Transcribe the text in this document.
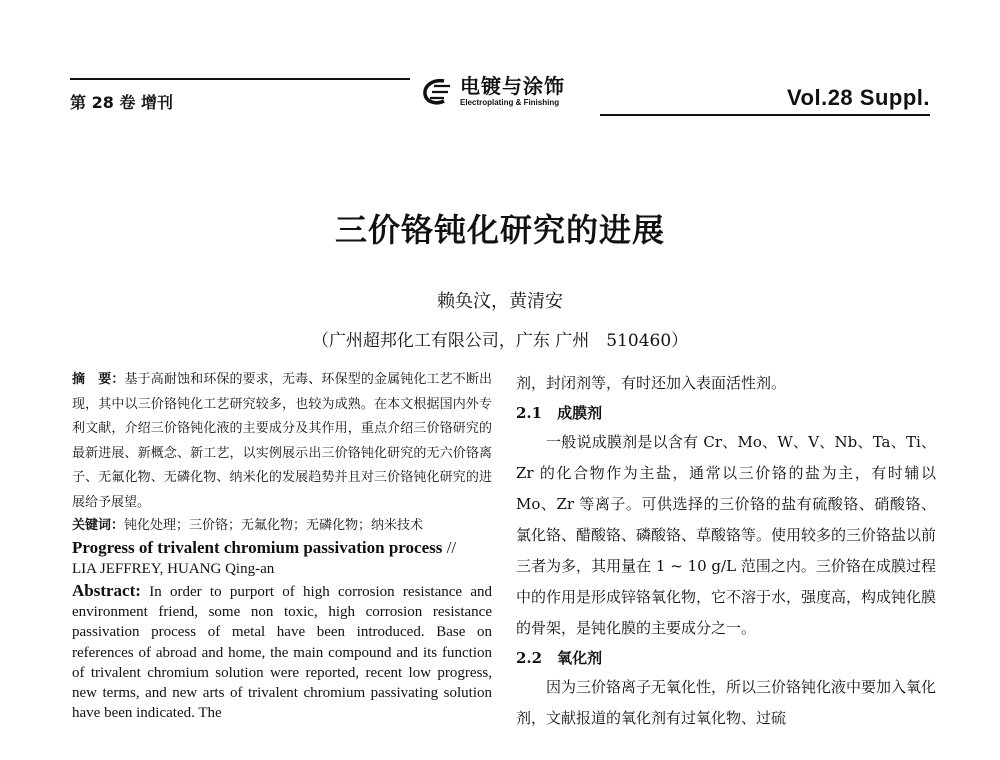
第 28 卷 增刊
电镀与涂饰
Electroplating & Finishing	Vol.28 Suppl.
三价铬钝化研究的进展
赖奂汶，黄清安
（广州超邦化工有限公司，广东 广州　510460）

摘　要：基于高耐蚀和环保的要求，无毒、环保型的金属钝化工艺不断出现，其中以三价铬钝化工艺研究较多，也较为成熟。在本文根据国内外专利文献，介绍三价铬钝化液的主要成分及其作用，重点介绍三价铬研究的最新进展、新概念、新工艺，以实例展示出三价铬钝化研究的无六价铬离子、无氟化物、无磷化物、纳米化的发展趋势并且对三价铬钝化研究的进展给予展望。

关键词：钝化处理；三价铬；无氟化物；无磷化物；纳米技术

Progress of trivalent chromium passivation process //

LIA JEFFREY, HUANG Qing-an

Abstract: In order to purport of high corrosion resistance and environment friend, some non toxic, high corrosion resistance passivation process of metal have been introduced. Base on references of abroad and home, the main compound and its function of trivalent chromium solution were reported, recent low progress, new terms, and new arts of trivalent chromium passivating solution have been indicated. The

剂，封闭剂等，有时还加入表面活性剂。

2.1　成膜剂

一般说成膜剂是以含有 Cr、Mo、W、V、Nb、Ta、Ti、Zr 的化合物作为主盐，通常以三价铬的盐为主，有时辅以 Mo、Zr 等离子。可供选择的三价铬的盐有硫酸铬、硝酸铬、氯化铬、醋酸铬、磷酸铬、草酸铬等。使用较多的三价铬盐以前三者为多，其用量在 1 ~ 10 g/L 范围之内。三价铬在成膜过程中的作用是形成锌铬氧化物，它不溶于水，强度高，构成钝化膜的骨架，是钝化膜的主要成分之一。

2.2　氧化剂

因为三价铬离子无氧化性，所以三价铬钝化液中要加入氧化剂，文献报道的氧化剂有过氧化物、过硫
